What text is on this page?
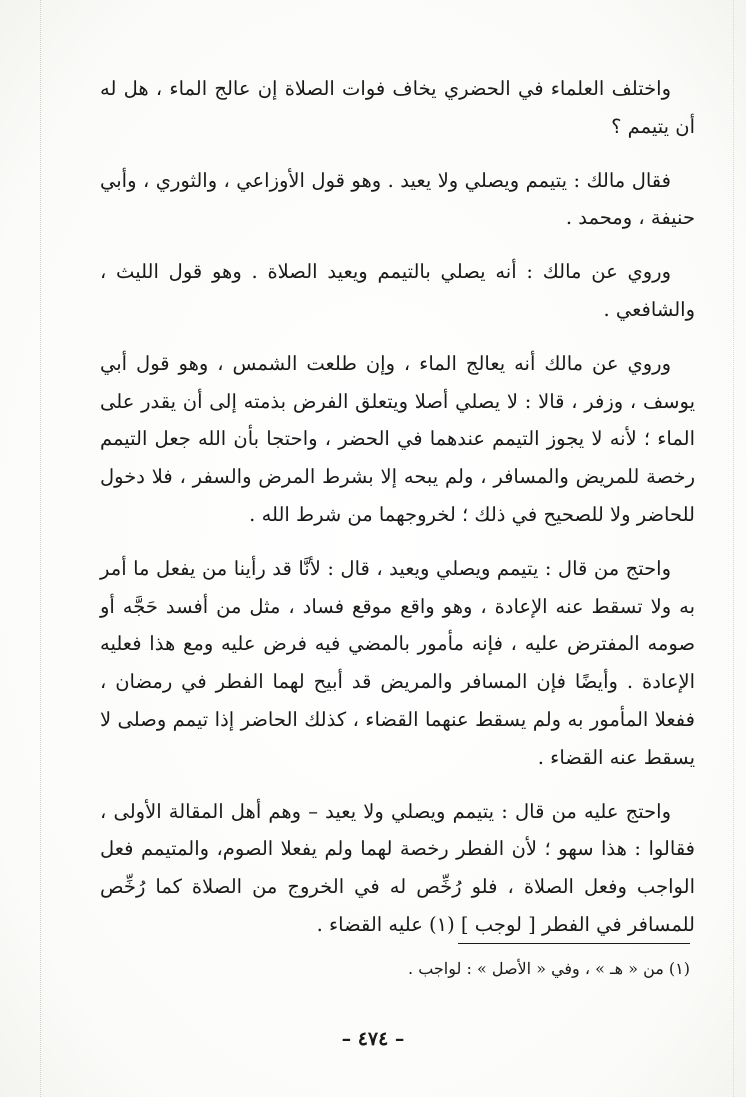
واختلف العلماء في الحضري يخاف فوات الصلاة إن عالج الماء ، هل له أن يتيمم ؟

فقال مالك : يتيمم ويصلي ولا يعيد . وهو قول الأوزاعي ، والثوري ، وأبي حنيفة ، ومحمد .

وروي عن مالك : أنه يصلي بالتيمم ويعيد الصلاة . وهو قول الليث ، والشافعي .

وروي عن مالك أنه يعالج الماء ، وإن طلعت الشمس ، وهو قول أبي يوسف ، وزفر ، قالا : لا يصلي أصلا ويتعلق الفرض بذمته إلى أن يقدر على الماء ؛ لأنه لا يجوز التيمم عندهما في الحضر ، واحتجا بأن الله جعل التيمم رخصة للمريض والمسافر ، ولم يبحه إلا بشرط المرض والسفر ، فلا دخول للحاضر ولا للصحيح في ذلك ؛ لخروجهما من شرط الله .

واحتج من قال : يتيمم ويصلي ويعيد ، قال : لأنَّا قد رأينا من يفعل ما أمر به ولا تسقط عنه الإعادة ، وهو واقع موقع فساد ، مثل من أفسد حَجَّه أو صومه المفترض عليه ، فإنه مأمور بالمضي فيه فرض عليه ومع هذا فعليه الإعادة . وأيضًا فإن المسافر والمريض قد أبيح لهما الفطر في رمضان ، ففعلا المأمور به ولم يسقط عنهما القضاء ، كذلك الحاضر إذا تيمم وصلى لا يسقط عنه القضاء .

واحتج عليه من قال : يتيمم ويصلي ولا يعيد – وهم أهل المقالة الأولى ، فقالوا : هذا سهو ؛ لأن الفطر رخصة لهما ولم يفعلا الصوم، والمتيمم فعل الواجب وفعل الصلاة ، فلو رُخِّص له في الخروج من الصلاة كما رُخِّص للمسافر في الفطر [ لوجب ] (١) عليه القضاء .

(١) من « هـ » ، وفي « الأصل » : لواجب .
– ٤٧٤ –
